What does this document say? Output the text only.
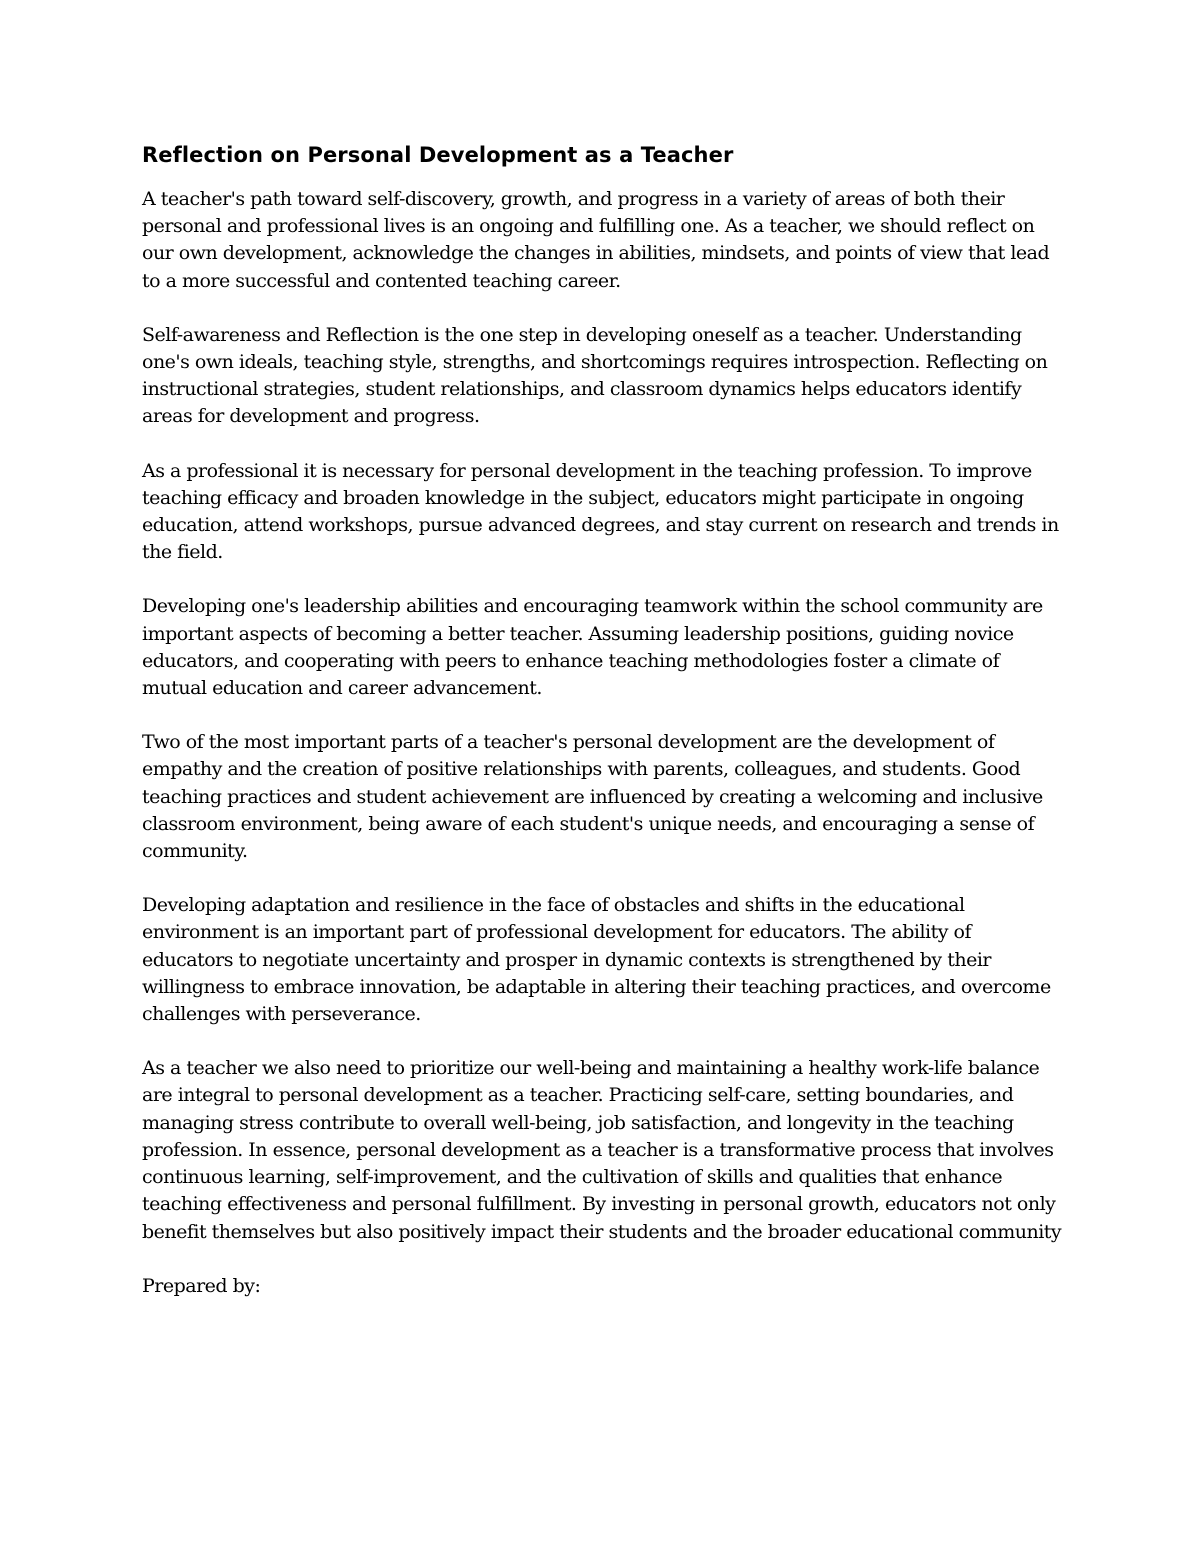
Reflection on Personal Development as a Teacher

A teacher's path toward self-discovery, growth, and progress in a variety of areas of both their personal and professional lives is an ongoing and fulfilling one. As a teacher, we should reflect on our own development, acknowledge the changes in abilities, mindsets, and points of view that lead to a more successful and contented teaching career.

Self-awareness and Reflection is the one step in developing oneself as a teacher. Understanding one's own ideals, teaching style, strengths, and shortcomings requires introspection. Reflecting on instructional strategies, student relationships, and classroom dynamics helps educators identify areas for development and progress.

As a professional it is necessary for personal development in the teaching profession. To improve teaching efficacy and broaden knowledge in the subject, educators might participate in ongoing education, attend workshops, pursue advanced degrees, and stay current on research and trends in the field.

Developing one's leadership abilities and encouraging teamwork within the school community are important aspects of becoming a better teacher. Assuming leadership positions, guiding novice educators, and cooperating with peers to enhance teaching methodologies foster a climate of mutual education and career advancement.

Two of the most important parts of a teacher's personal development are the development of empathy and the creation of positive relationships with parents, colleagues, and students. Good teaching practices and student achievement are influenced by creating a welcoming and inclusive classroom environment, being aware of each student's unique needs, and encouraging a sense of community.

Developing adaptation and resilience in the face of obstacles and shifts in the educational environment is an important part of professional development for educators. The ability of educators to negotiate uncertainty and prosper in dynamic contexts is strengthened by their willingness to embrace innovation, be adaptable in altering their teaching practices, and overcome challenges with perseverance.

As a teacher we also need to prioritize our well-being and maintaining a healthy work-life balance are integral to personal development as a teacher. Practicing self-care, setting boundaries, and managing stress contribute to overall well-being, job satisfaction, and longevity in the teaching profession. In essence, personal development as a teacher is a transformative process that involves continuous learning, self-improvement, and the cultivation of skills and qualities that enhance teaching effectiveness and personal fulfillment. By investing in personal growth, educators not only benefit themselves but also positively impact their students and the broader educational community

Prepared by:
